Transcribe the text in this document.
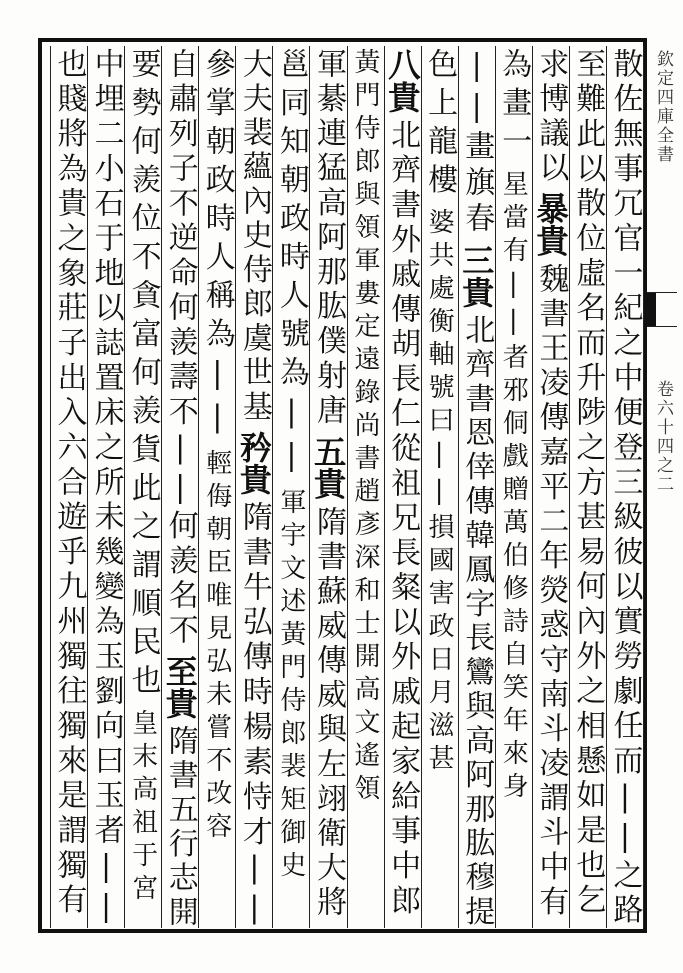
欽定四庫全書
卷六十四之二
散佐無事冗官一紀之中便登三級彼以實勞劇任而||之路
至難此以散位虛名而升陟之方甚易何內外之相懸如是也乞
求博議以
暴貴
魏書王凌傳嘉平二年熒惑守南斗凌謂斗中有
為畫一
星當有||者邪侗戲贈萬伯修詩自笑年來身
||畫旗春
三貴
北齊書恩倖傳韓鳳字長鸞與高阿那肱穆提
色上龍樓
婆共處衡軸號曰||損國害政日月滋甚
八貴
北齊書外戚傳胡長仁從祖兄長粲以外戚起家給事中郎
黃門侍郎與領軍婁定遠錄尚書趙彥深和士開高文遙領
軍綦連猛高阿那肱僕射唐
五貴
隋書蘇威傳威與左翊衛大將
邕同知朝政時人號為||
軍宇文述黃門侍郎裴矩御史
大夫裴蘊內史侍郎虞世基
矜貴
隋書牛弘傳時楊素恃才||
參掌朝政時人稱為||
輕侮朝臣唯見弘未嘗不改容
自肅列子不逆命何羨壽不||何羨名不
至貴
隋書五行志開
要勢何羨位不貪富何羨貨此之謂順民也
皇末高祖于宮
中埋二小石于地以誌置床之所未幾變為玉劉向曰玉者||
也賤將為貴之象莊子出入六合遊乎九州獨往獨來是謂獨有
